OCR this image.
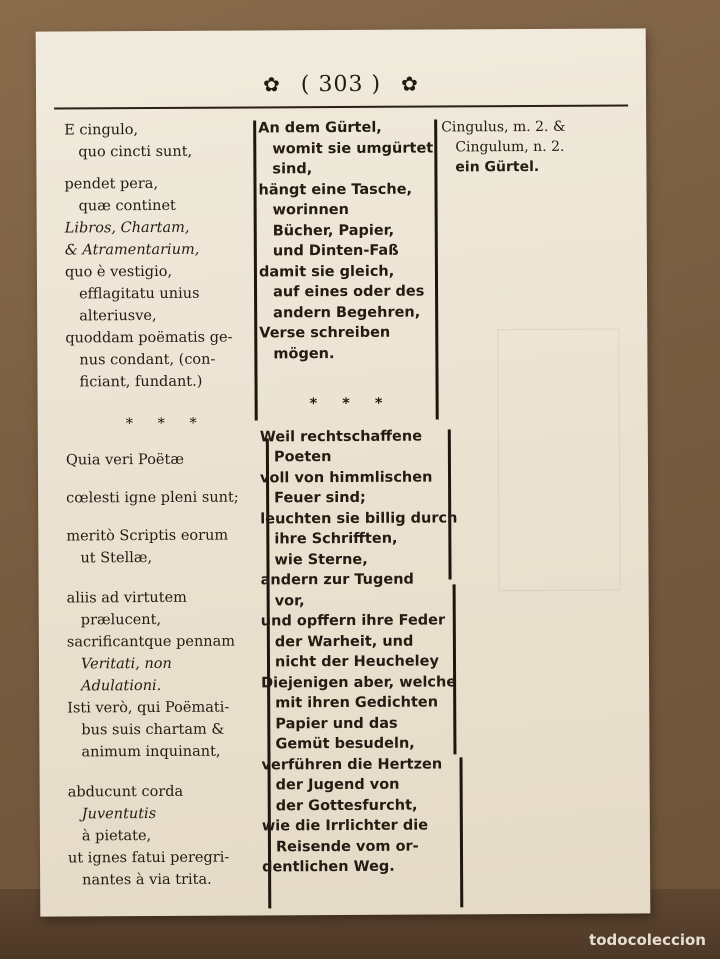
✿ ( 303 ) ✿
E cingulo,
quo cincti sunt,
pendet pera,
quæ continet
Libros, Chartam,
& Atramentarium,
quo è vestigio,
efflagitatu unius
alteriusve,
quoddam poëmatis ge-
nus condant, (con-
ficiant, fundant.)
* * *
Quia veri Poëtæ
cœlesti igne pleni sunt;
meritò Scriptis eorum
ut Stellæ,
aliis ad virtutem
prælucent,
sacrificantque pennam
Veritati, non
Adulationi.
Isti verò, qui Poëmati-
bus suis chartam &
animum inquinant,
abducunt corda
Juventutis
à pietate,
ut ignes fatui peregri-
nantes à via trita.
An dem Gürtel,
womit sie umgürtet
sind,
hängt eine Tasche,
worinnen
Bücher, Papier,
und Dinten-Faß
damit sie gleich,
auf eines oder des
andern Begehren,
Verse schreiben
mögen.
* * *
Weil rechtschaffene
Poeten
voll von himmlischen
Feuer sind;
leuchten sie billig durch
ihre Schrifften,
wie Sterne,
andern zur Tugend
vor,
und opffern ihre Feder
der Warheit, und
nicht der Heucheley
Diejenigen aber, welche
mit ihren Gedichten
Papier und das
Gemüt besudeln,
verführen die Hertzen
der Jugend von
der Gottesfurcht,
wie die Irrlichter die
Reisende vom or-
dentlichen Weg.
Cingulus, m. 2. &
Cingulum, n. 2.
ein Gürtel.
todocoleccion
